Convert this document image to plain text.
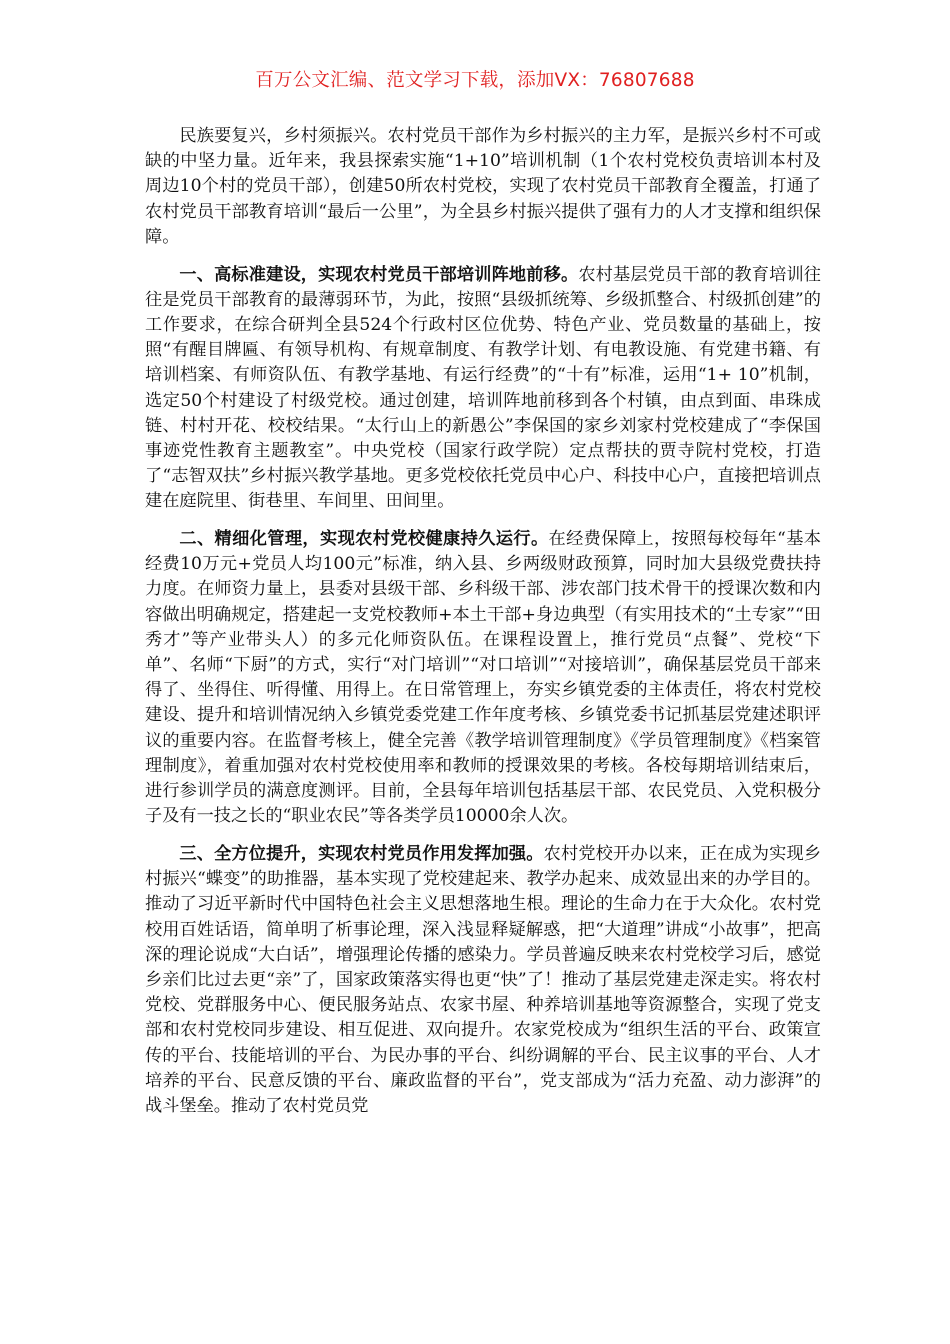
百万公文汇编、范文学习下载，添加VX：76807688

民族要复兴，乡村须振兴。农村党员干部作为乡村振兴的主力军，是振兴乡村不可或缺的中坚力量。近年来，我县探索实施“1+10”培训机制（1个农村党校负责培训本村及周边10个村的党员干部），创建50所农村党校，实现了农村党员干部教育全覆盖，打通了农村党员干部教育培训“最后一公里”，为全县乡村振兴提供了强有力的人才支撑和组织保障。

一、高标准建设，实现农村党员干部培训阵地前移。农村基层党员干部的教育培训往往是党员干部教育的最薄弱环节，为此，按照“县级抓统筹、乡级抓整合、村级抓创建”的工作要求，在综合研判全县524个行政村区位优势、特色产业、党员数量的基础上，按照“有醒目牌匾、有领导机构、有规章制度、有教学计划、有电教设施、有党建书籍、有培训档案、有师资队伍、有教学基地、有运行经费”的“十有”标准，运用“1+ 10”机制，选定50个村建设了村级党校。通过创建，培训阵地前移到各个村镇，由点到面、串珠成链、村村开花、校校结果。“太行山上的新愚公”李保国的家乡刘家村党校建成了“李保国事迹党性教育主题教室”。中央党校（国家行政学院）定点帮扶的贾寺院村党校，打造了“志智双扶”乡村振兴教学基地。更多党校依托党员中心户、科技中心户，直接把培训点建在庭院里、街巷里、车间里、田间里。

二、精细化管理，实现农村党校健康持久运行。在经费保障上，按照每校每年“基本经费10万元+党员人均100元”标准，纳入县、乡两级财政预算，同时加大县级党费扶持力度。在师资力量上，县委对县级干部、乡科级干部、涉农部门技术骨干的授课次数和内容做出明确规定，搭建起一支党校教师+本土干部+身边典型（有实用技术的“土专家”“田秀才”等产业带头人）的多元化师资队伍。在课程设置上，推行党员“点餐”、党校“下单”、名师“下厨”的方式，实行“对门培训”“对口培训”“对接培训”，确保基层党员干部来得了、坐得住、听得懂、用得上。在日常管理上，夯实乡镇党委的主体责任，将农村党校建设、提升和培训情况纳入乡镇党委党建工作年度考核、乡镇党委书记抓基层党建述职评议的重要内容。在监督考核上，健全完善《教学培训管理制度》《学员管理制度》《档案管理制度》，着重加强对农村党校使用率和教师的授课效果的考核。各校每期培训结束后，进行参训学员的满意度测评。目前，全县每年培训包括基层干部、农民党员、入党积极分子及有一技之长的“职业农民”等各类学员10000余人次。

三、全方位提升，实现农村党员作用发挥加强。农村党校开办以来，正在成为实现乡村振兴“蝶变”的助推器，基本实现了党校建起来、教学办起来、成效显出来的办学目的。推动了习近平新时代中国特色社会主义思想落地生根。理论的生命力在于大众化。农村党校用百姓话语，简单明了析事论理，深入浅显释疑解惑，把“大道理”讲成“小故事”，把高深的理论说成“大白话”，增强理论传播的感染力。学员普遍反映来农村党校学习后，感觉乡亲们比过去更“亲”了，国家政策落实得也更“快”了！推动了基层党建走深走实。将农村党校、党群服务中心、便民服务站点、农家书屋、种养培训基地等资源整合，实现了党支部和农村党校同步建设、相互促进、双向提升。农家党校成为“组织生活的平台、政策宣传的平台、技能培训的平台、为民办事的平台、纠纷调解的平台、民主议事的平台、人才培养的平台、民意反馈的平台、廉政监督的平台”，党支部成为“活力充盈、动力澎湃”的战斗堡垒。推动了农村党员党
